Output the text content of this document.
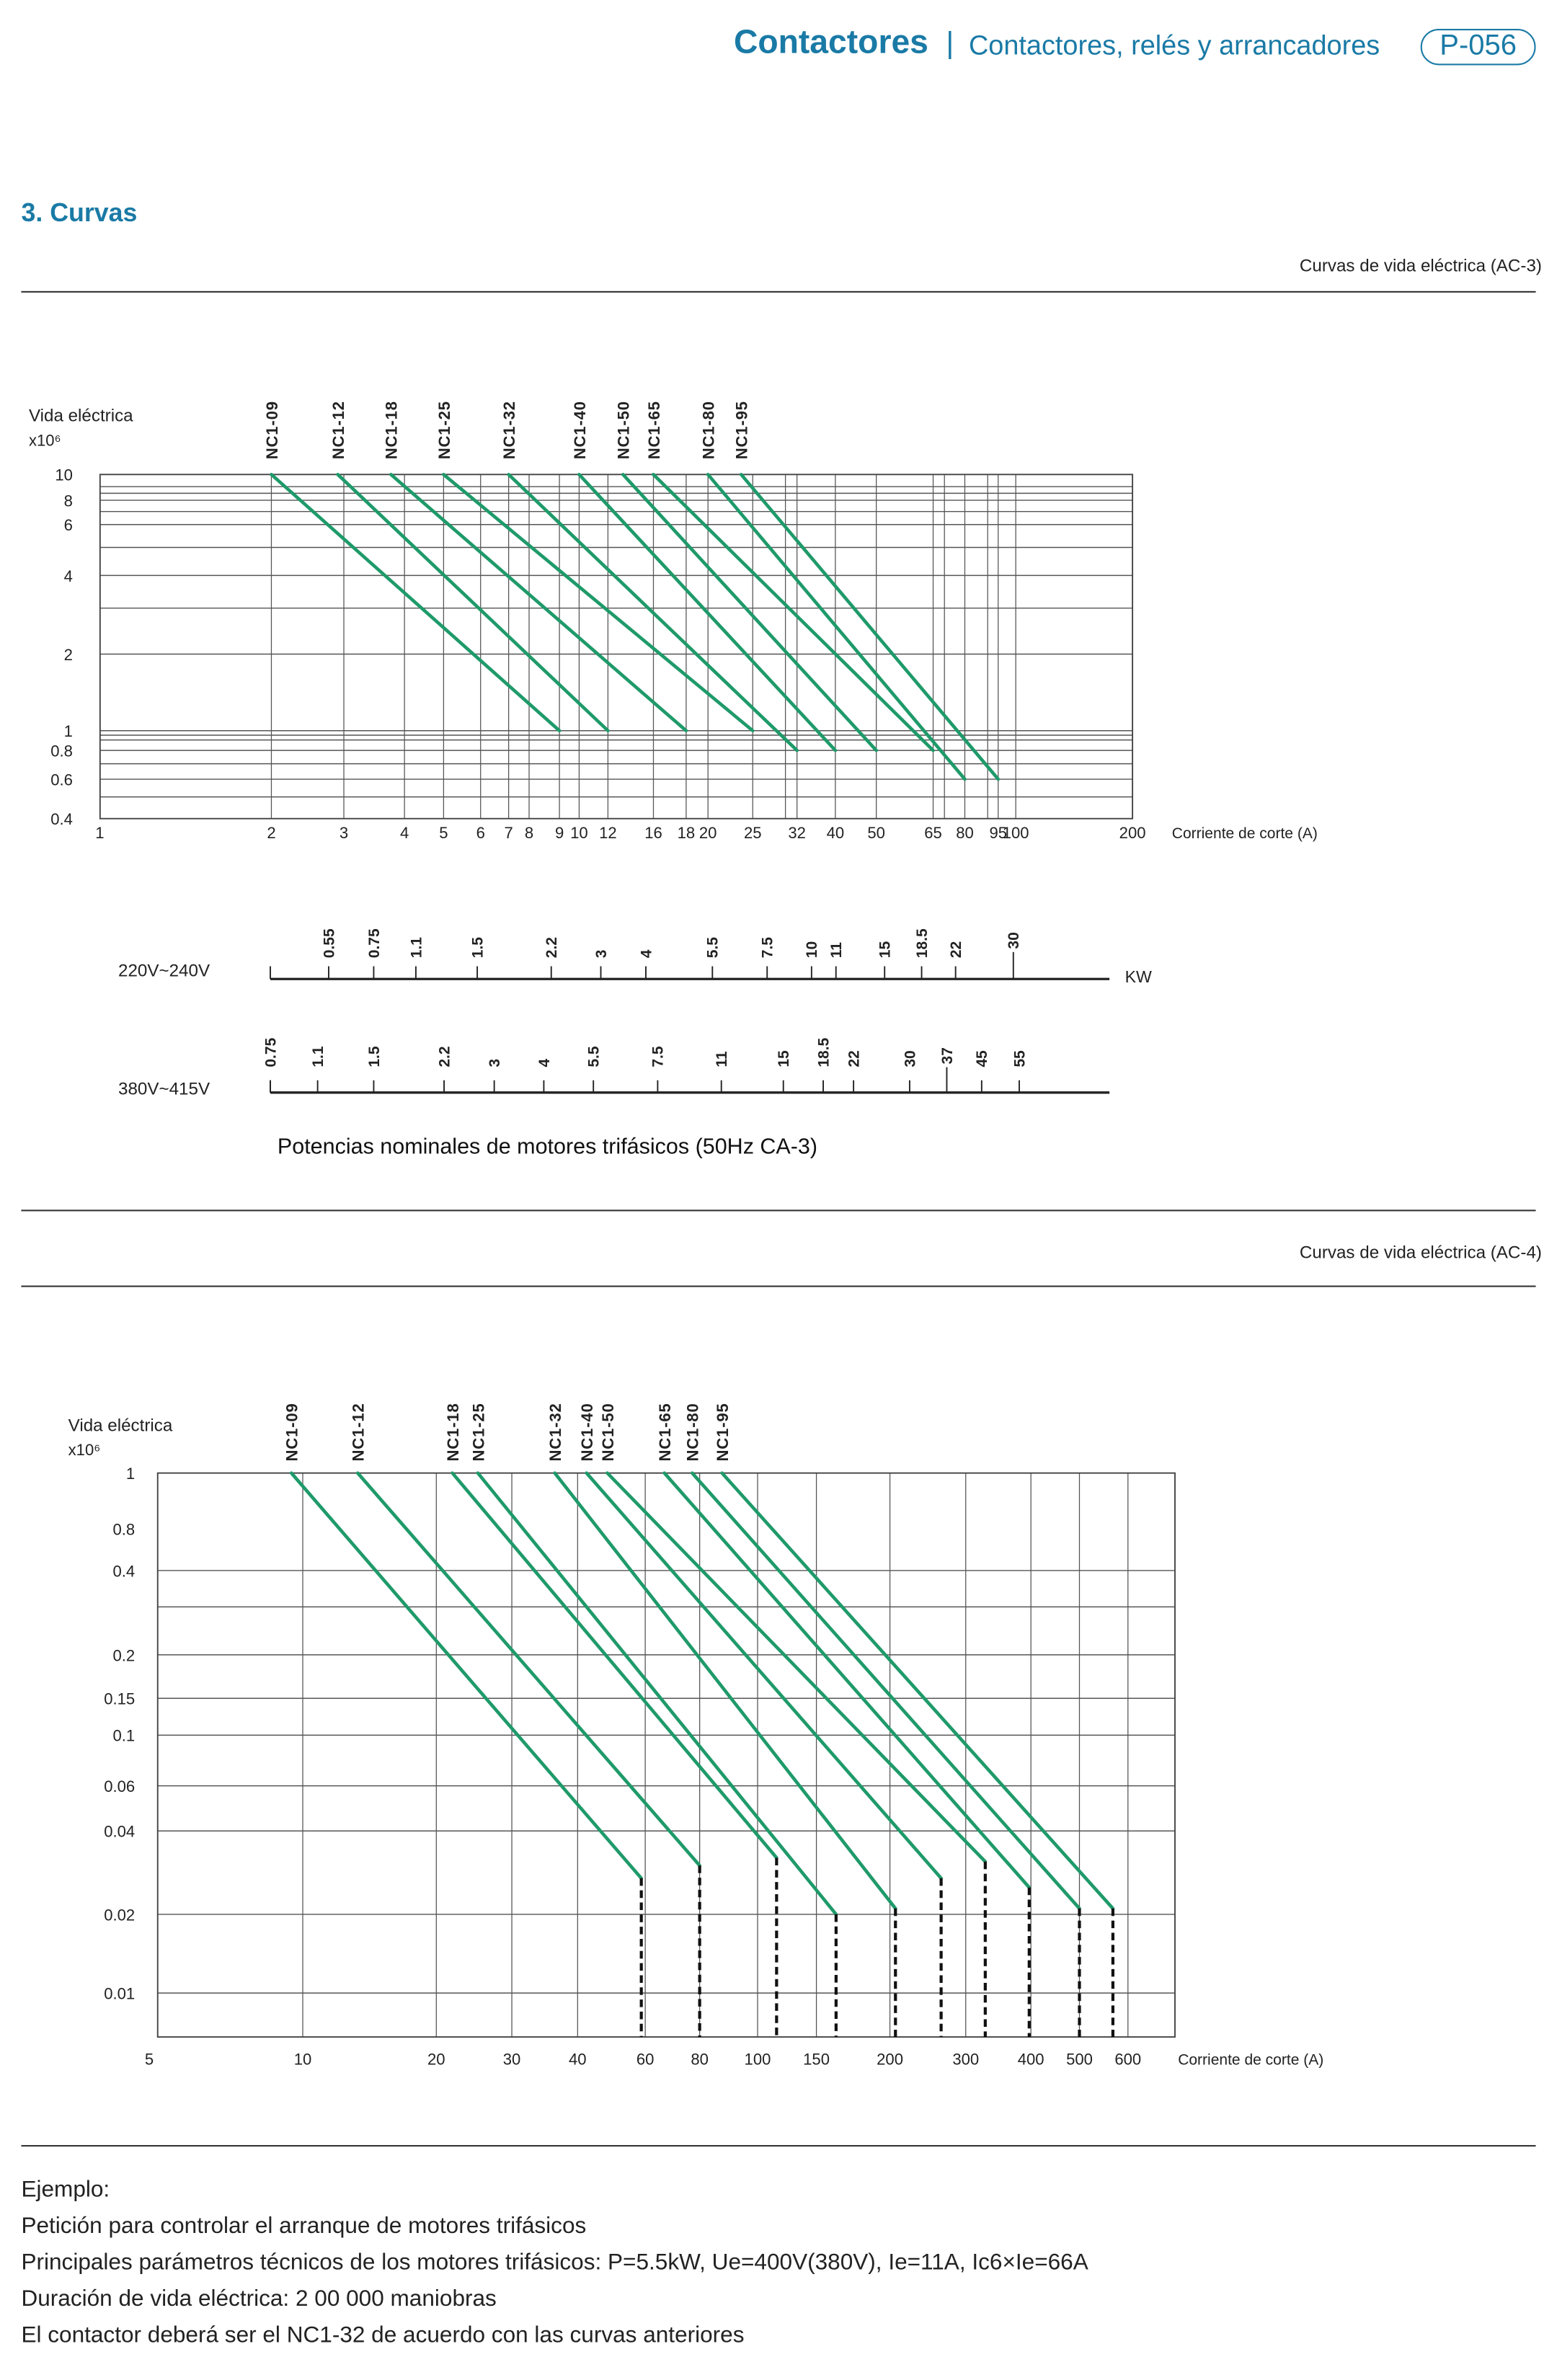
Contactores | Contactores, relés y arrancadores	P-056
3. Curvas
Curvas de vida eléctrica (AC-3)
Potencias nominales de motores trifásicos (50Hz CA-3)
Curvas de vida eléctrica (AC-4)
Ejemplo:
Petición para controlar el arranque de motores trifásicos
Principales parámetros técnicos de los motores trifásicos: P=5.5kW, Ue=400V(380V), Ie=11A, Ic6×Ie=66A
Duración de vida eléctrica: 2 00 000 maniobras
El contactor deberá ser el NC1-32 de acuerdo con las curvas anteriores
10
8
6
4
2
1
0.8
0.6
0.4
1	2	3	4	5	6	7 8	9 10 12	16 18 20	25	32	40	50	65 80 95
100	200
Vida eléctrica
x10⁶
Corriente de corte (A)
NC1-09	NC1-12	NC1-18	NC1-25	NC1-32	NC1-40	NC1-50 NC1-65	NC1-80 NC1-95
1
0.8
0.4
0.2
0.15
0.1
0.06
0.04
0.02
0.01
5	10	20	30	40	60	80	100	150	200	300	400	500	600
Vida eléctrica
x10⁶
Corriente de corte (A)
NC1-09	NC1-12	NC1-18 NC1-25	NC1-32 NC1-40 NC1-50	NC1-65 NC1-80 NC1-95
220V~240V
0.55	0.75	1.1	1.5	2.2	3	4	5.5	7.5	10 11	15	18.5 22
30
380V~415V
0.75	1.1	1.5	2.2	3	4	5.5	7.5	11	15	18.5 22	30	37	45	55
KW
